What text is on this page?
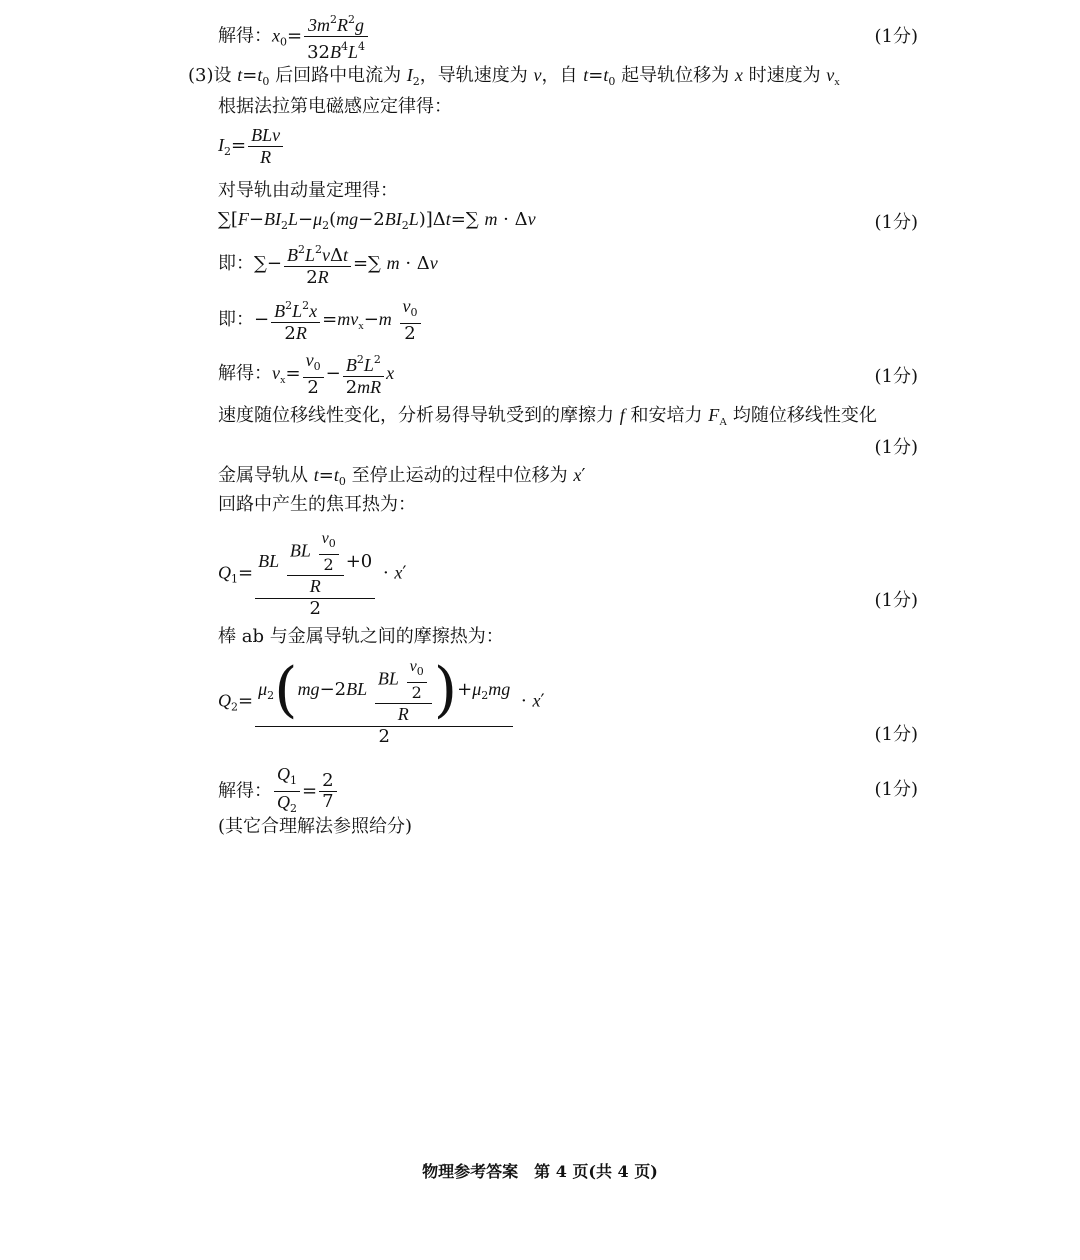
解得：$x_0= \frac{3m^2R^2g}{32B^4L^4}$	(1分)
(3)设 $t=t_0$ 后回路中电流为 $I_2$，导轨速度为 v，自 $t=t_0$ 起导轨位移为 x 时速度为 $v_x$
根据法拉第电磁感应定律得：
$I_2= \frac{\text{BLv}}{R}$
对导轨由动量定理得：
$\sum[F-BI_2L-\mu_2(mg-2BI_2L)]\Delta t=\sum$ m · Δv	(1分)
即：∑− $\frac{B^2L^2v\Delta t}{2R}$ =∑ m · Δv
即：− $\frac{B^2L^2x}{2R} =mv_x-m \frac{v_0}{2}$
解得：$v_x= \frac{v_0}{2} - \frac{B^2L^2}{2mR}$ x	(1分)
速度随位移线性变化，分析易得导轨受到的摩擦力 f 和安培力 $F_A$ 均随位移线性变化
(1分)
金属导轨从 $t=t_0$ 至停止运动的过程中位移为 x′
回路中产生的焦耳热为：
$Q_1= \frac{BL \frac{BL \frac{v_0}{2}}{R} +0}{2} \cdot x'$
(1分)
棒 ab 与金属导轨之间的摩擦热为：
$Q_2= \frac{\mu_2(mg-2BL \frac{BL \frac{v_0}{2}}{R} )+\mu_2mg}{2} \cdot x'$
(1分)
解得： $\frac{Q_1}{Q_2} = \frac{2}{7}$	(1分)
(其它合理解法参照给分)
物理参考答案　第 4 页(共 4 页)
